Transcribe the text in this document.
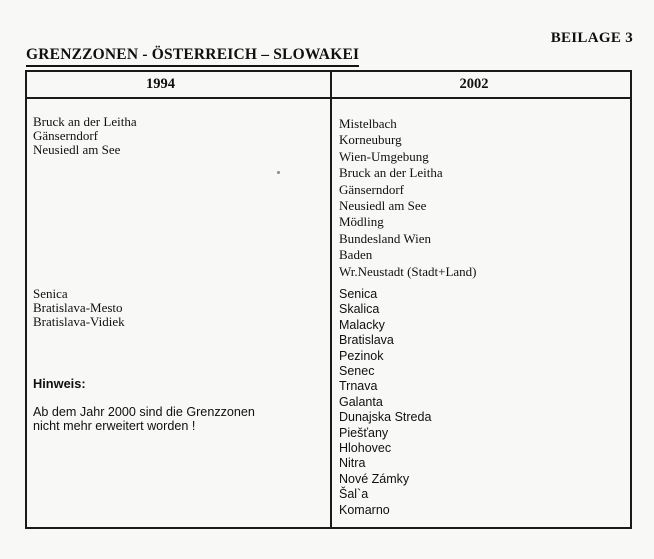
BEILAGE 3
GRENZZONEN - ÖSTERREICH – SLOWAKEI
1994	2002
Bruck an der Leitha
Gänserndorf
Neusiedl am See
Senica
Bratislava-Mesto
Bratislava-Vidiek
Hinweis:
Ab dem Jahr 2000 sind die Grenzzonen
nicht mehr erweitert worden !
Mistelbach
Korneuburg
Wien-Umgebung
Bruck an der Leitha
Gänserndorf
Neusiedl am See
Mödling
Bundesland Wien
Baden
Wr.Neustadt (Stadt+Land)
Senica
Skalica
Malacky
Bratislava
Pezinok
Senec
Trnava
Galanta
Dunajska Streda
Piešťany
Hlohovec
Nitra
Nové Zámky
Šal`a
Komarno
